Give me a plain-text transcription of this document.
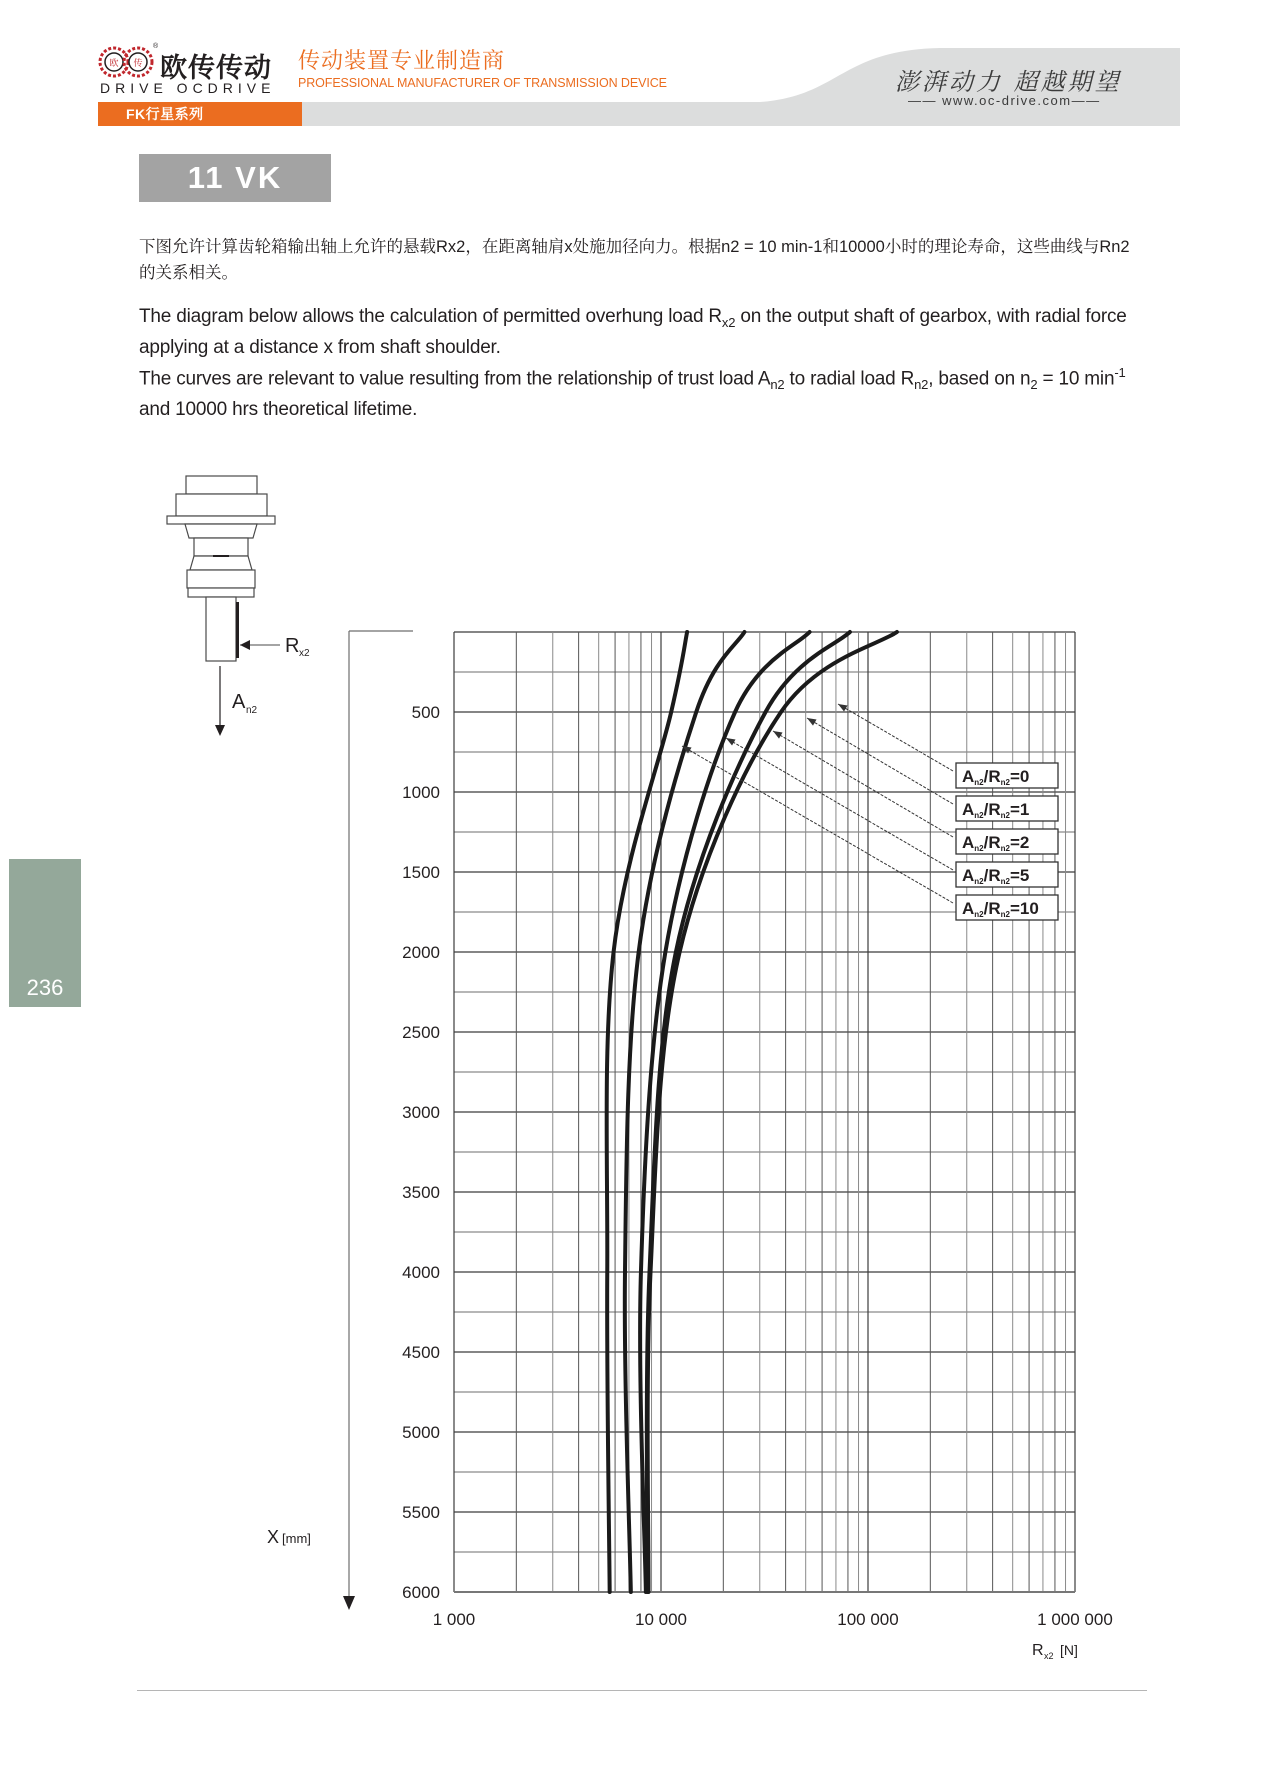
欧 传
®
欧传传动
DRIVE OCDRIVE
传动装置专业制造商
PROFESSIONAL MANUFACTURER OF TRANSMISSION DEVICE	澎湃动力 超越期望
—— www.oc-drive.com——
FK行星系列
11 VK
下图允许计算齿轮箱输出轴上允许的悬载Rx2，在距离轴肩x处施加径向力。根据n2 = 10 min-1和10000小时的理论寿命，这些曲线与Rn2的关系相关。
The diagram below allows the calculation of permitted overhung load $R_{x2}$ on the output shaft of gearbox, with radial force applying at a distance x from shaft shoulder.
The curves are relevant to value resulting from the relationship of trust load $A_{n2}$ to radial load $R_{n2}$, based on $n_2 = 10$ $\min^{-1}$ and 10000 hrs theoretical lifetime.
R x2
A n2
An2/Rn2=0
An2/Rn2=1
An2/Rn2=2
An2/Rn2=5
An2/Rn2=10
500
1000
1500
2000
2500
3000
3500
4000
4500
5000
5500
6000
1 000	10 000	100 000	1 000 000
R x2 [N]
X [mm]
236
